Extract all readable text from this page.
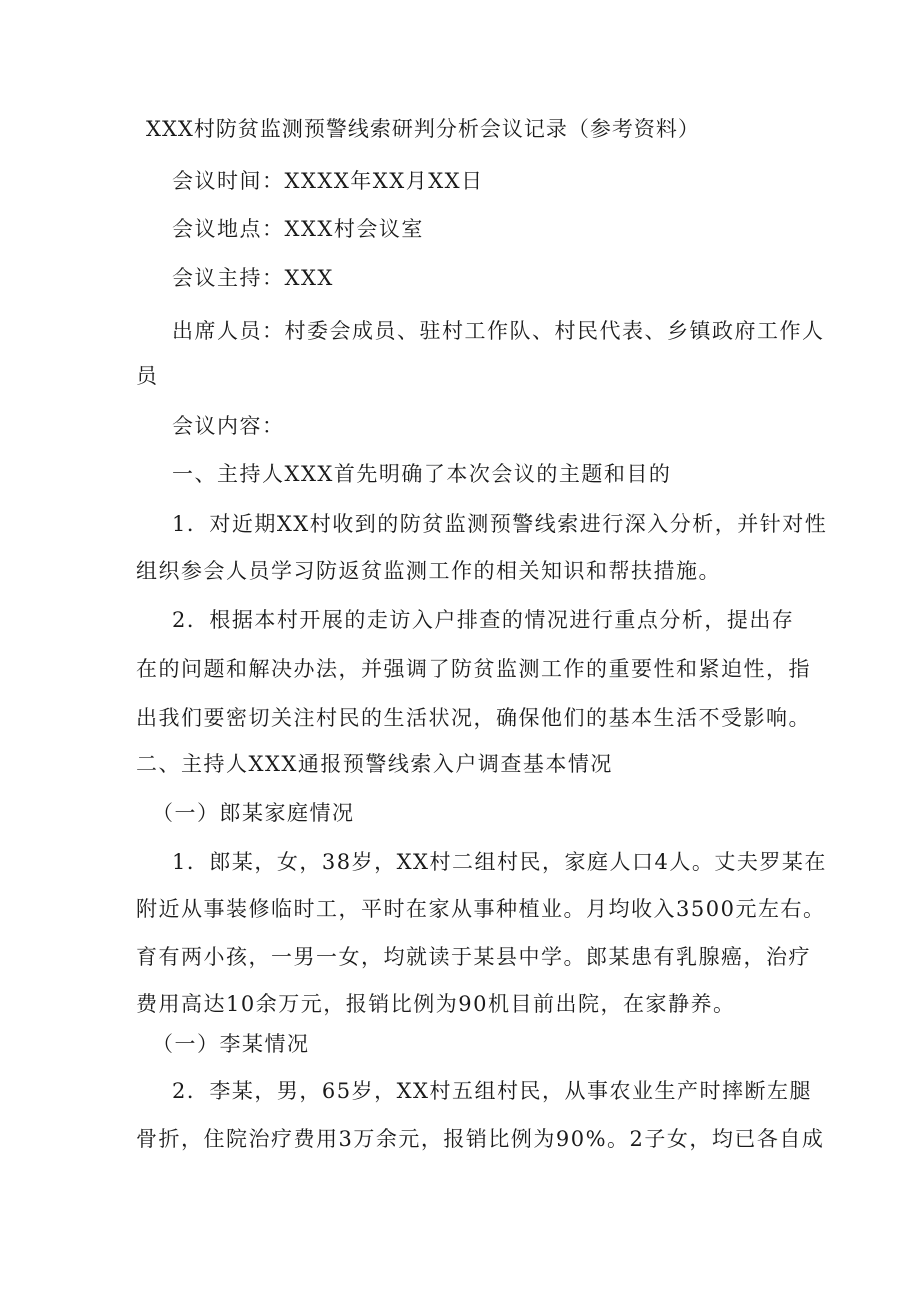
XXX村防贫监测预警线索研判分析会议记录（参考资料）
会议时间：XXXX年XX月XX日
会议地点：XXX村会议室
会议主持：XXX
出席人员：村委会成员、驻村工作队、村民代表、乡镇政府工作人
员
会议内容：
一、主持人XXX首先明确了本次会议的主题和目的
1．对近期XX村收到的防贫监测预警线索进行深入分析，并针对性
组织参会人员学习防返贫监测工作的相关知识和帮扶措施。
2．根据本村开展的走访入户排查的情况进行重点分析，提出存
在的问题和解决办法，并强调了防贫监测工作的重要性和紧迫性，指
出我们要密切关注村民的生活状况，确保他们的基本生活不受影响。
二、主持人XXX通报预警线索入户调查基本情况
（一）郎某家庭情况
1．郎某，女，38岁，XX村二组村民，家庭人口4人。丈夫罗某在
附近从事装修临时工，平时在家从事种植业。月均收入3500元左右。
育有两小孩，一男一女，均就读于某县中学。郎某患有乳腺癌，治疗
费用高达10余万元，报销比例为90机目前出院，在家静养。
（一）李某情况
2．李某，男，65岁，XX村五组村民，从事农业生产时摔断左腿
骨折，住院治疗费用3万余元，报销比例为90%。2子女，均已各自成
